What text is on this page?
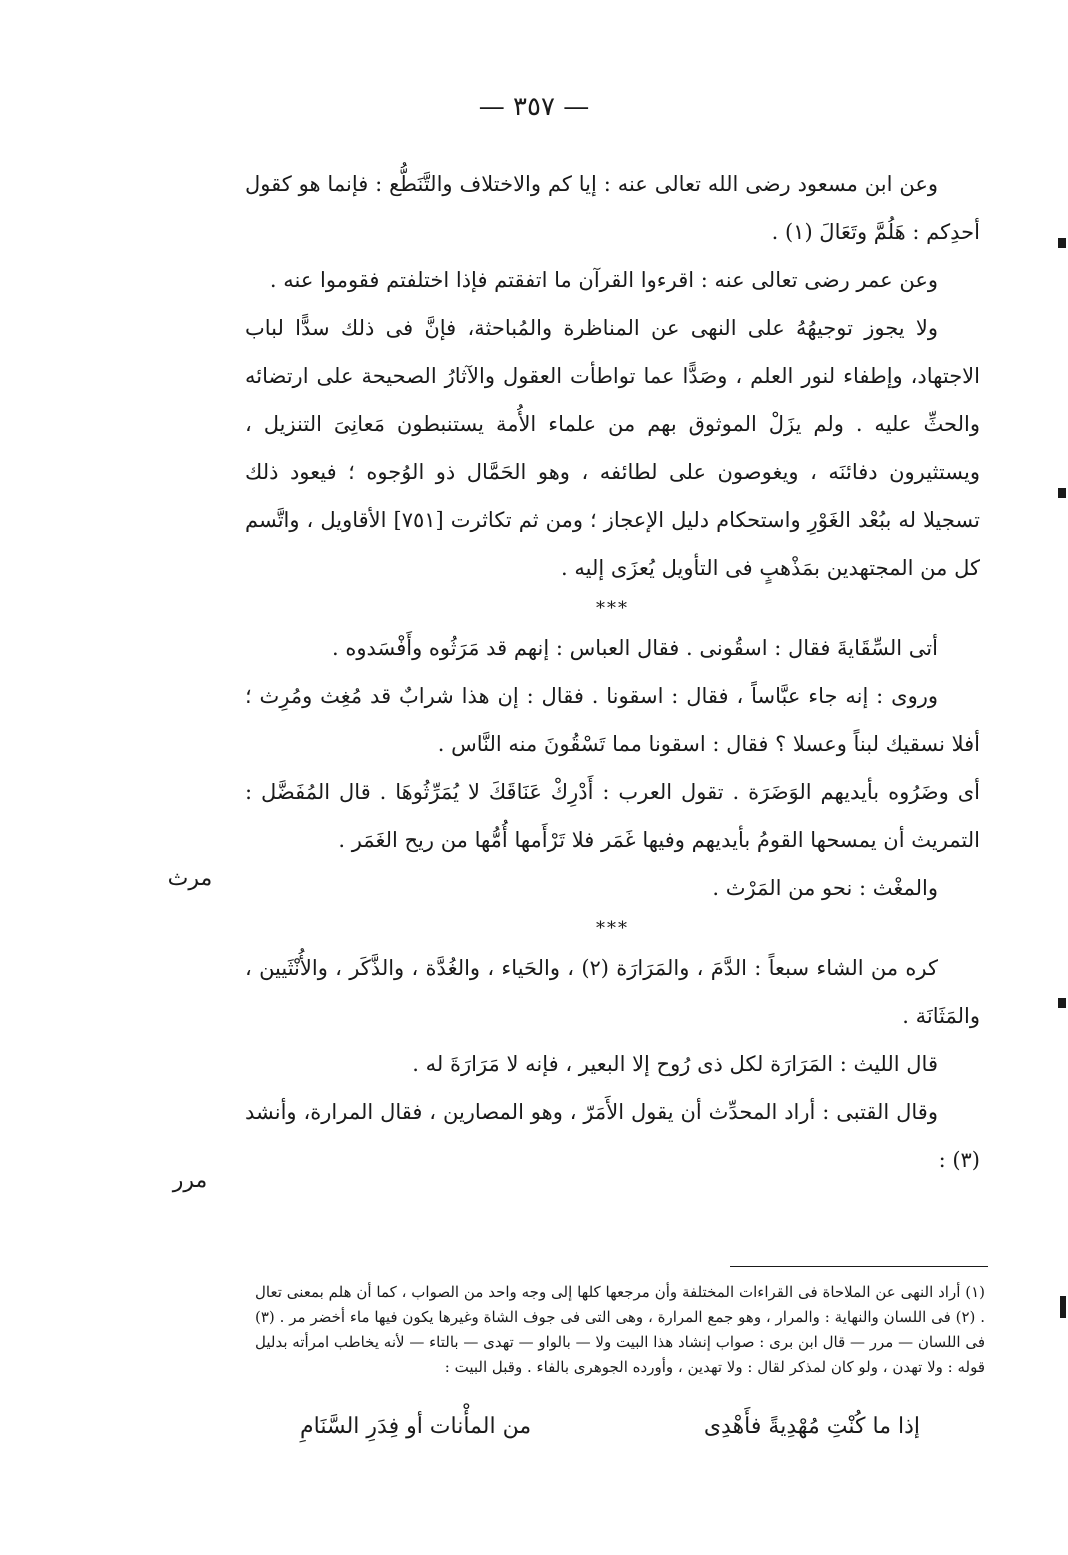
— ٣٥٧ —

وعن ابن مسعود رضى الله تعالى عنه : إيا كم والاختلاف والتَّنَطُّع : فإنما هو كقول أحدِكم : هَلُمَّ وتَعَالَ (١) .

وعن عمر رضى تعالى عنه : اقرءوا القرآن ما اتفقتم فإذا اختلفتم فقوموا عنه .

ولا يجوز توجيهُهُ على النهى عن المناظرة والمُباحثة، فإنَّ فى ذلك سدًّا لباب الاجتهاد، وإطفاء لنور العلم ، وصَدًّا عما تواطأت العقول والآثارُ الصحيحة على ارتضائه والحثِّ عليه . ولم يزَلْ الموثوق بهم من علماء الأُمة يستنبطون مَعانِىَ التنزيل ، ويستثيرون دفائنَه ، ويغوصون على لطائفه ، وهو الحَمَّال ذو الوُجوه ؛ فيعود ذلك تسجيلا له ببُعْد الغَوْرِ واستحكام دليل الإعجاز ؛ ومن ثم تكاثرت [٧٥١] الأقاويل ، واتَّسم كل من المجتهدين بمَذْهبٍ فى التأويل يُعزَى إليه .

***

أتى السِّقَايةَ فقال : اسقُونى . فقال العباس : إنهم قد مَرَثُوه وأَفْسَدوه .

وروى : إنه جاء عبَّاساً ، فقال : اسقونا . فقال : إن هذا شرابٌ قد مُغِث ومُرِث ؛ أفلا نسقيك لبناً وعسلا ؟ فقال : اسقونا مما تَسْقُونَ منه النَّاس .

أى وضَرُوه بأيديهم الوَضَرَة . تقول العرب : أَدْرِكْ عَنَاقَكَ لا يُمَرِّثُوهَا . قال المُفَضَّل : التمريث أن يمسحها القومُ بأيديهم وفيها غَمَر فلا تَرْأَمها أُمُّها من ريح الغَمَر .

والمغْث : نحو من المَرْث .

***

كره من الشاء سبعاً : الدَّمَ ، والمَرَارَة (٢) ، والحَياء ، والغُدَّة ، والذَّكَر ، والأُنْثَيين ، والمَثَانَة .

قال الليث : المَرَارَة لكل ذى رُوح إلا البعير ، فإنه لا مَرَارَةَ له .

وقال القتبى : أراد المحدِّث أن يقول الأَمَرّ ، وهو المصارين ، فقال المرارة، وأنشد (٣) :

مرث
مرر

(١) أراد النهى عن الملاحاة فى القراءات المختلفة وأن مرجعها كلها إلى وجه واحد من الصواب ، كما أن هلم بمعنى تعال . (٢) فى اللسان والنهاية : والمرار ، وهو جمع المرارة ، وهى التى فى جوف الشاة وغيرها يكون فيها ماء أخضر مر . (٣) فى اللسان — مرر — قال ابن برى : صواب إنشاد هذا البيت ولا — بالواو — تهدى — بالتاء — لأنه يخاطب امرأته بدليل قوله : ولا تهدن ، ولو كان لمذكر لقال : ولا تهدين ، وأورده الجوهرى بالفاء . وقبل البيت :

إذا ما كُنْتِ مُهْدِيةً فأَهْدِى
من المأْنات أو فِدَرِ السَّنَامِ
